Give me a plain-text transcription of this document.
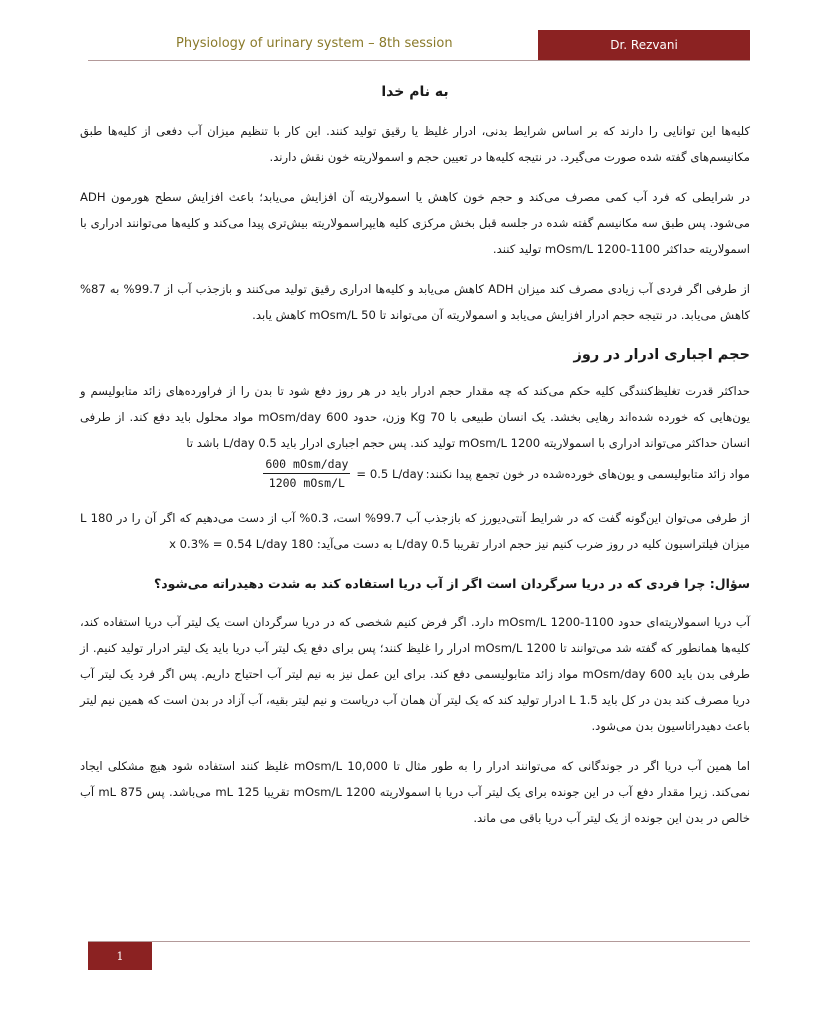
Physiology of urinary system – 8th session	Dr. Rezvani
به نام خدا

کلیه‌ها این توانایی را دارند که بر اساس شرایط بدنی، ادرار غلیظ یا رقیق تولید کنند. این کار با تنظیم میزان آب دفعی از کلیه‌ها طبق مکانیسم‌های گفته شده صورت می‌گیرد. در نتیجه کلیه‌ها در تعیین حجم و اسمولاریته خون نقش دارند.

در شرایطی که فرد آب کمی مصرف می‌کند و حجم خون کاهش یا اسمولاریته آن افزایش می‌یابد؛ باعث افزایش سطح هورمون ADH می‌شود. پس طبق سه مکانیسم گفته شده در جلسه قبل بخش مرکزی کلیه هایپراسمولاریته بیش‌تری پیدا می‌کند و کلیه‌ها می‌توانند ادراری با اسمولاریته حداکثر 1100-1200 mOsm/L تولید کنند.

از طرفی اگر فردی آب زیادی مصرف کند میزان ADH کاهش می‌یابد و کلیه‌ها ادراری رقیق تولید می‌کنند و بازجذب آب از 99.7% به 87% کاهش می‌یابد. در نتیجه حجم ادرار افزایش می‌یابد و اسمولاریته آن می‌تواند تا 50 mOsm/L کاهش یابد.

حجم اجباری ادرار در روز

حداکثر قدرت تغلیظ‌کنندگی کلیه حکم می‌کند که چه مقدار حجم ادرار باید در هر روز دفع شود تا بدن را از فراورده‌های زائد متابولیسم و یون‌هایی که خورده شده‌اند رهایی بخشد. یک انسان طبیعی با 70 Kg وزن، حدود 600 mOsm/day مواد محلول باید دفع کند. از طرفی انسان حداکثر می‌تواند ادراری با اسمولاریته 1200 mOsm/L تولید کند. پس حجم اجباری ادرار باید 0.5 L/day باشد تا

مواد زائد متابولیسمی و یون‌های خورده‌شده در خون تجمع پیدا نکنند:
= 0.5 L/day
$\frac{\text{600 mOsm/day}}{\text{1200 mOsm/L}}$

از طرفی می‌توان این‌گونه گفت که در شرایط آنتی‌دیورز که بازجذب آب 99.7% است، 0.3% آب از دست می‌دهیم که اگر آن را در 180 L میزان فیلتراسیون کلیه در روز ضرب کنیم نیز حجم ادرار تقریبا 0.5 L/day به دست می‌آید: 180 x 0.3% = 0.54 L/day

سؤال: چرا فردی که در دریا سرگردان است اگر از آب دریا استفاده کند به شدت دهیدراته می‌شود؟

آب دریا اسمولاریته‌ای حدود 1100-1200 mOsm/L دارد. اگر فرض کنیم شخصی که در دریا سرگردان است یک لیتر آب دریا استفاده کند، کلیه‌ها همانطور که گفته شد می‌توانند تا 1200 mOsm/L ادرار را غلیظ کنند؛ پس برای دفع یک لیتر آب دریا باید یک لیتر ادرار تولید کنیم. از طرفی بدن باید 600 mOsm/day مواد زائد متابولیسمی دفع کند. برای این عمل نیز به نیم لیتر آب احتیاج داریم. پس اگر فرد یک لیتر آب دریا مصرف کند بدن در کل باید 1.5 L ادرار تولید کند که یک لیتر آن همان آب دریاست و نیم لیتر بقیه، آب آزاد در بدن است که همین نیم لیتر باعث دهیدراتاسیون بدن می‌شود.

اما همین آب دریا اگر در جوندگانی که می‌توانند ادرار را به طور مثال تا 10,000 mOsm/L غلیظ کنند استفاده شود هیچ مشکلی ایجاد نمی‌کند. زیرا مقدار دفع آب در این جونده برای یک لیتر آب دریا با اسمولاریته 1200 mOsm/L تقریبا 125 mL می‌باشد. پس 875 mL آب خالص در بدن این جونده از یک لیتر آب دریا باقی می ماند.

1
